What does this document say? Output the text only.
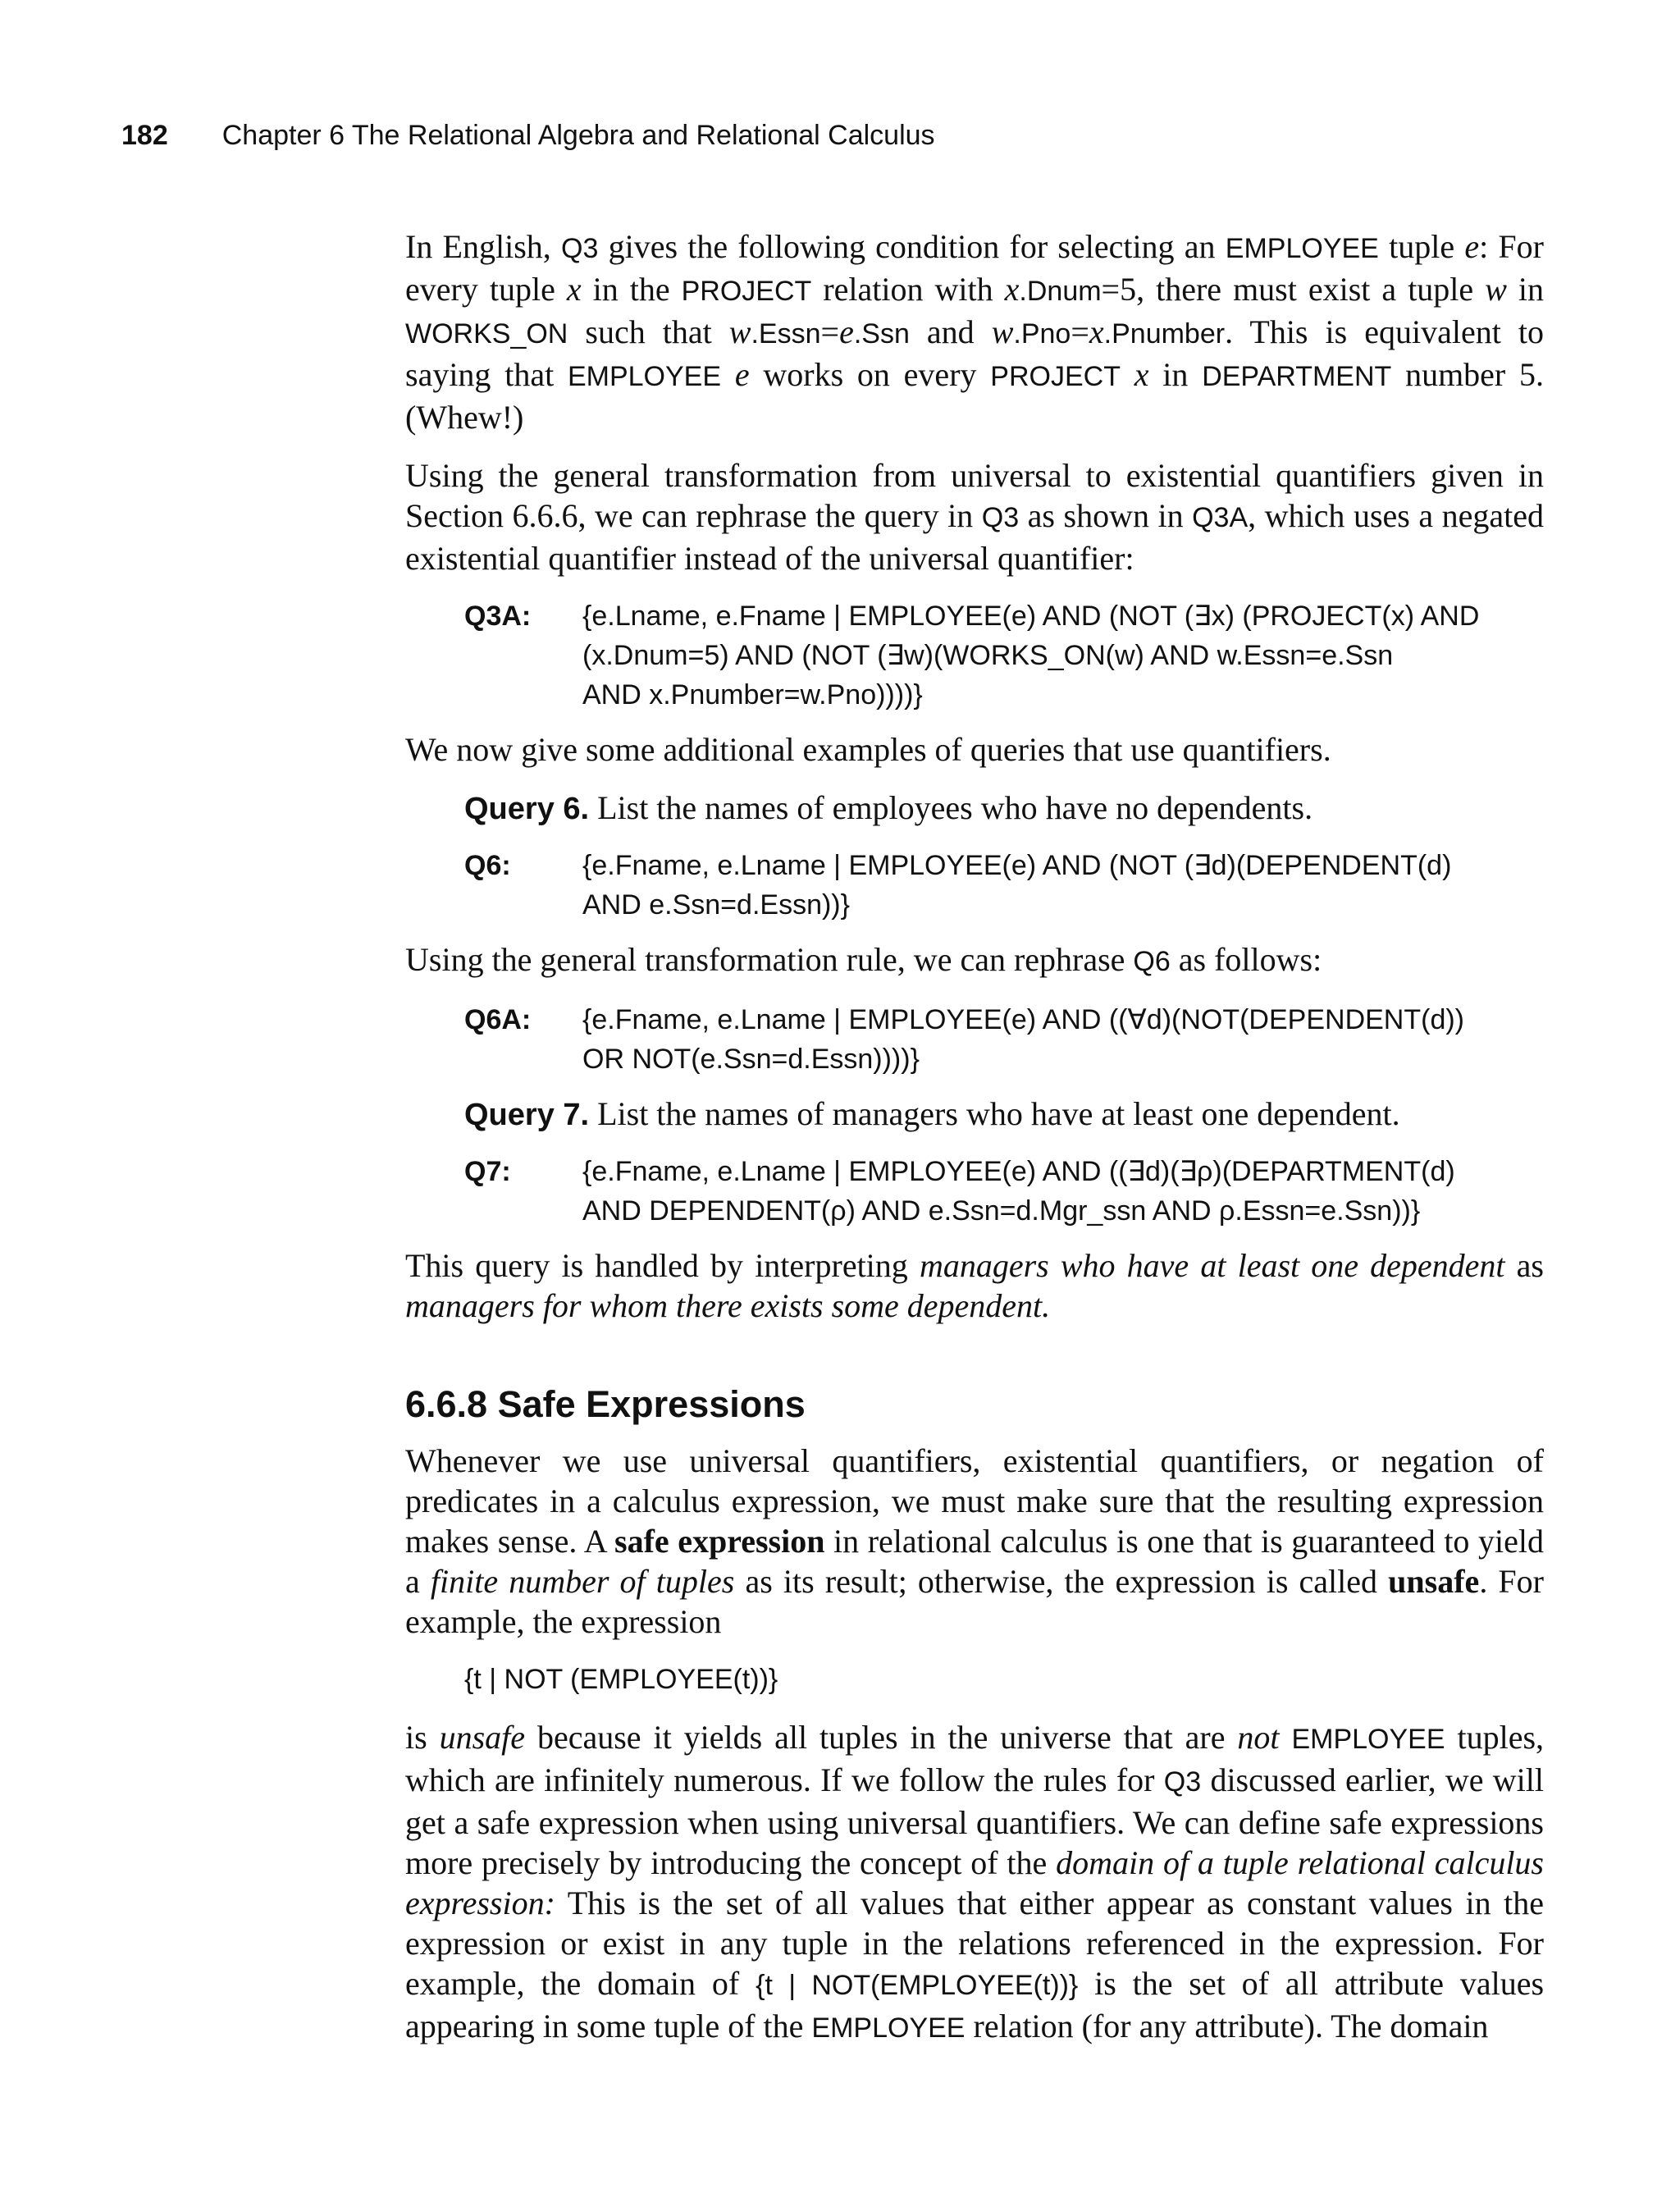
182 Chapter 6 The Relational Algebra and Relational Calculus

In English, Q3 gives the following condition for selecting an EMPLOYEE tuple e: For every tuple x in the PROJECT relation with x.Dnum=5, there must exist a tuple w in WORKS_ON such that w.Essn=e.Ssn and w.Pno=x.Pnumber. This is equivalent to saying that EMPLOYEE e works on every PROJECT x in DEPARTMENT number 5. (Whew!)

Using the general transformation from universal to existential quantifiers given in Section 6.6.6, we can rephrase the query in Q3 as shown in Q3A, which uses a negated existential quantifier instead of the universal quantifier:

Q3A:	{e.Lname, e.Fname | EMPLOYEE(e) AND (NOT (∃x) (PROJECT(x) AND
(x.Dnum=5) AND (NOT (∃w)(WORKS_ON(w) AND w.Essn=e.Ssn
AND x.Pnumber=w.Pno))))}

We now give some additional examples of queries that use quantifiers.

Query 6. List the names of employees who have no dependents.
Q6:	{e.Fname, e.Lname | EMPLOYEE(e) AND (NOT (∃d)(DEPENDENT(d)
AND e.Ssn=d.Essn))}

Using the general transformation rule, we can rephrase Q6 as follows:

Q6A:	{e.Fname, e.Lname | EMPLOYEE(e) AND ((∀d)(NOT(DEPENDENT(d))
OR NOT(e.Ssn=d.Essn))))}
Query 7. List the names of managers who have at least one dependent.
Q7:	{e.Fname, e.Lname | EMPLOYEE(e) AND ((∃d)(∃ρ)(DEPARTMENT(d)
AND DEPENDENT(ρ) AND e.Ssn=d.Mgr_ssn AND ρ.Essn=e.Ssn))}

This query is handled by interpreting managers who have at least one dependent as managers for whom there exists some dependent.

6.6.8 Safe Expressions

Whenever we use universal quantifiers, existential quantifiers, or negation of predicates in a calculus expression, we must make sure that the resulting expression makes sense. A safe expression in relational calculus is one that is guaranteed to yield a finite number of tuples as its result; otherwise, the expression is called unsafe. For example, the expression

{t | NOT (EMPLOYEE(t))}

is unsafe because it yields all tuples in the universe that are not EMPLOYEE tuples, which are infinitely numerous. If we follow the rules for Q3 discussed earlier, we will get a safe expression when using universal quantifiers. We can define safe expressions more precisely by introducing the concept of the domain of a tuple relational calculus expression: This is the set of all values that either appear as constant values in the expression or exist in any tuple in the relations referenced in the expression. For example, the domain of {t | NOT(EMPLOYEE(t))} is the set of all attribute values appearing in some tuple of the EMPLOYEE relation (for any attribute). The domain
